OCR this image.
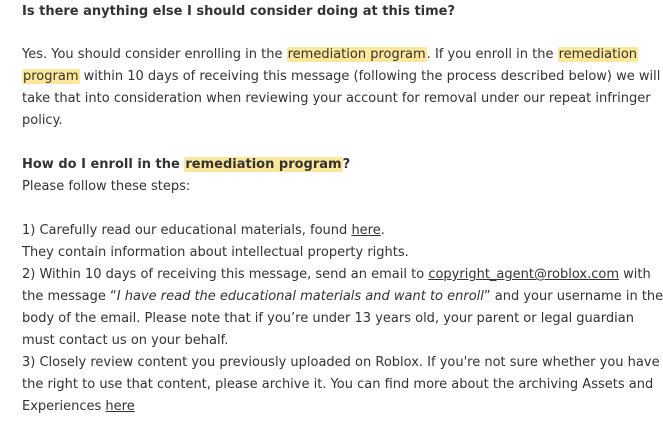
Is there anything else I should consider doing at this time?
Yes. You should consider enrolling in the remediation program. If you enroll in the remediation
program within 10 days of receiving this message (following the process described below) we will
take that into consideration when reviewing your account for removal under our repeat infringer
policy.
How do I enroll in the remediation program?
Please follow these steps:
1) Carefully read our educational materials, found here.
They contain information about intellectual property rights.
2) Within 10 days of receiving this message, send an email to copyright_agent@roblox.com with
the message “I have read the educational materials and want to enroll” and your username in the
body of the email. Please note that if you’re under 13 years old, your parent or legal guardian
must contact us on your behalf.
3) Closely review content you previously uploaded on Roblox. If you're not sure whether you have
the right to use that content, please archive it. You can find more about the archiving Assets and
Experiences here
